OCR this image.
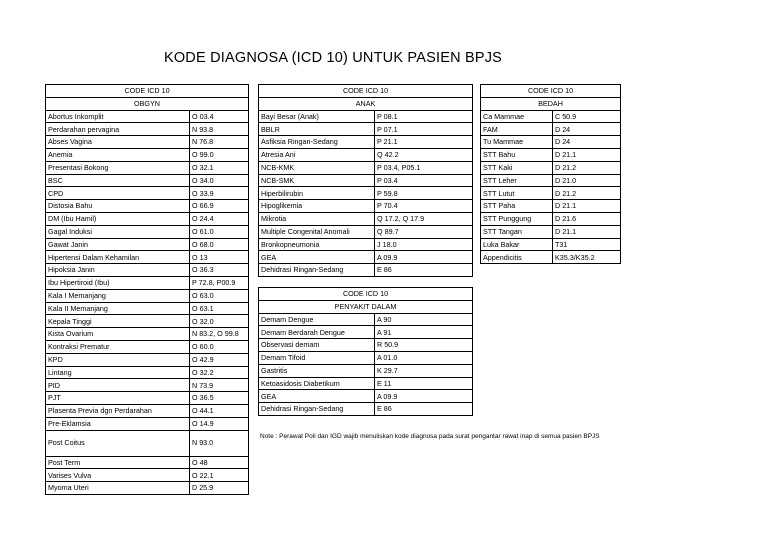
KODE DIAGNOSA (ICD 10) UNTUK PASIEN BPJS
CODE ICD 10	
OBGYN	
Abortus Inkomplit	O 03.4
Perdarahan pervagina	N 93.8
Abses Vagina	N 76.8
Anemia	O 99.0
Presentasi Bokong	O 32.1
BSC	O 34.0
CPD	O 33.9
Distosia Bahu	O 66.9
DM (Ibu Hamil)	O 24.4
Gagal Induksi	O 61.0
Gawat Janin	O 68.0
Hipertensi Dalam Kehamilan	O 13
Hipoksia Janin	O 36.3
Ibu Hipertiroid (Ibu)	P 72.8, P00.9
Kala I Memanjang	O 63.0
Kala II Memanjang	O 63.1
Kepala Tinggi	O 32.0
Kista Ovarium	N 83.2, O 99.8
Kontraksi Prematur	O 60.0
KPD	O 42.9
Lintang	O 32.2
PID	N 73.9
PJT	O 36.5
Plasenta Previa dgn Perdarahan	O 44.1
Pre-Eklamsia	O 14.9
Post Coitus	N 93.0
Post Term	O 48
Varises Vulva	O 22.1
Myoma Uteri	D 25.9
CODE ICD 10	
ANAK	
Bayi Besar (Anak)	P 08.1
BBLR	P 07.1
Asfiksia Ringan-Sedang	P 21.1
Atresia Ani	Q 42.2
NCB-KMK	P 03.4, P05.1
NCB-SMK	P 03.4
Hiperbilirubin	P 59.8
Hipoglikemia	P 70.4
Mikrotia	Q 17.2, Q 17.9
Multiple Congenital Anomali	Q 89.7
Bronkopneumonia	J 18.0
GEA	A 09.9
Dehidrasi Ringan-Sedang	E 86
CODE ICD 10	
PENYAKIT DALAM	
Demam Dengue	A 90
Demam Berdarah Dengue	A 91
Observasi demam	R 50.9
Demam Tifoid	A 01.0
Gastritis	K 29.7
Ketoasidosis Diabetikum	E 11
GEA	A 09.9
Dehidrasi Ringan-Sedang	E 86
CODE ICD 10	
BEDAH	
Ca Mammae	C 50.9
FAM	D 24
Tu Mammae	D 24
STT Bahu	D 21.1
STT Kaki	D 21.2
STT Leher	D 21.0
STT Lutut	D 21.2
STT Paha	D 21.1
STT Punggung	D 21.6
STT Tangan	D 21.1
Luka Bakar	T31
Appendicitis	K35.3/K35.2
Note : Perawat Poli dan IGD wajib menuliskan kode diagnosa pada surat pengantar rawat inap di semua pasien BPJS
